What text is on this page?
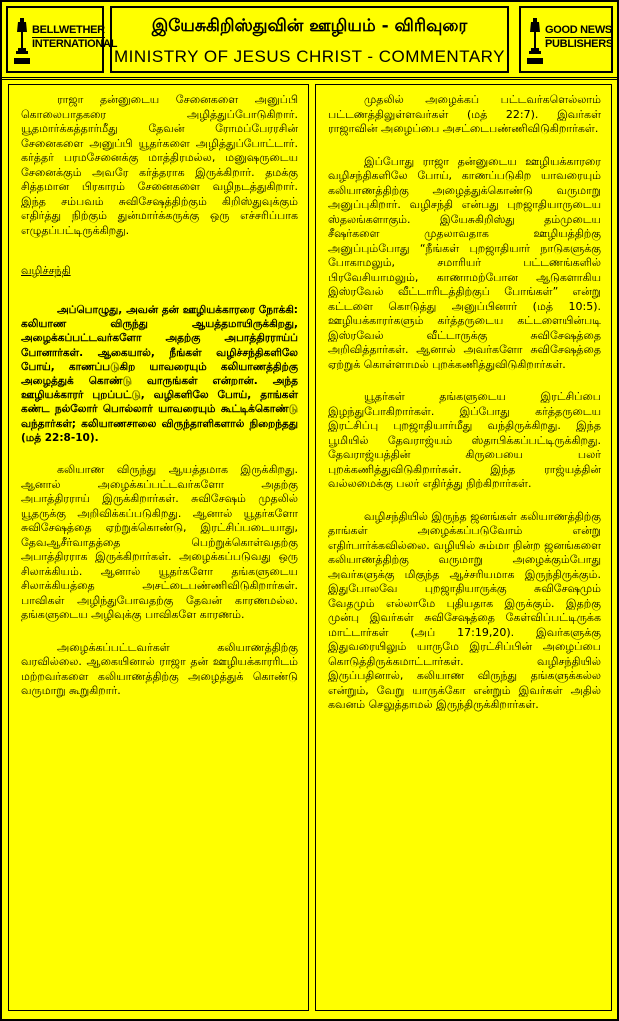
BELLWETHER
INTERNATIONAL
இயேசுகிறிஸ்துவின் ஊழியம் - விரிவுரை
MINISTRY OF JESUS CHRIST - COMMENTARY
GOOD NEWS
PUBLISHERS

ராஜா தன்னுடைய சேனைகளை அனுப்பி கொலைபாதகரை அழித்துப்போடுகிறார். யூதமார்க்கத்தார்மீது தேவன் ரோமப்பேரரசின் சேனைகளை அனுப்பி யூதர்களை அழித்துப்போட்டார். கர்த்தர் பரமசேனைக்கு மாத்திரமல்ல, மனுஷருடைய சேனைக்கும் அவரே கர்த்தராக இருக்கிறார். தமக்கு சித்தமான பிரகாரம் சேனைகளை வழிநடத்துகிறார். இந்த சம்பவம் சுவிசேஷத்திற்கும் கிறிஸ்துவுக்கும் எதிர்த்து நிற்கும் துன்மார்க்கருக்கு ஒரு எச்சரிப்பாக எழுதப்பட்டிருக்கிறது.

வழிச்சந்தி

அப்பொழுது, அவன் தன் ஊழியக்காரரை நோக்கி: கலியாண விருந்து ஆயத்தமாயிருக்கிறது, அழைக்கப்பட்டவர்களோ அதற்கு அபாத்திரராய்ப் போனார்கள். ஆகையால், நீங்கள் வழிச்சந்திகளிலே போய், காணப்படுகிற யாவரையும் கலியாணத்திற்கு அழைத்துக் கொண்டு வாருங்கள் என்றான். அந்த ஊழியக்காரர் புறப்பட்டு, வழிகளிலே போய், தாங்கள் கண்ட நல்லோர் பொல்லார் யாவரையும் கூட்டிக்கொண்டு வந்தார்கள்; கலியாணசாலை விருந்தாளிகளால் நிறைந்தது (மத் 22:8-10).

கலியாண விருந்து ஆயத்தமாக இருக்கிறது. ஆனால் அழைக்கப்பட்டவர்களோ அதற்கு அபாத்திரராய் இருக்கிறார்கள். சுவிசேஷம் முதலில் யூதருக்கு அறிவிக்கப்படுகிறது. ஆனால் யூதர்களோ சுவிசேஷத்தை ஏற்றுக்கொண்டு, இரட்சிப்படையாது, தேவஆசீர்வாதத்தை பெற்றுக்கொள்வதற்கு அபாத்திரராக இருக்கிறார்கள். அழைக்கப்படுவது ஒரு சிலாக்கியம். ஆனால் யூதர்களோ தங்களுடைய சிலாக்கியத்தை அசட்டைபண்ணிவிடுகிறார்கள். பாவிகள் அழிந்துபோவதற்கு தேவன் காரணமல்ல. தங்களுடைய அழிவுக்கு பாவிகளே காரணம்.

அழைக்கப்பட்டவர்கள் கலியாணத்திற்கு வரவில்லை. ஆகையினால் ராஜா தன் ஊழியக்காரரிடம் மற்றவர்களை கலியாணத்திற்கு அழைத்துக் கொண்டு வருமாறு கூறுகிறார்.

முதலில் அழைக்கப் பட்டவர்களெல்லாம் பட்டணத்திலுள்ளவர்கள் (மத் 22:7). இவர்கள் ராஜாவின் அழைப்பை அசட்டைபண்ணிவிடுகிறார்கள்.

இப்போது ராஜா தன்னுடைய ஊழியக்காரரை வழிசந்திகளிலே போய், காணப்படுகிற யாவரையும் கலியாணத்திற்கு அழைத்துக்கொண்டு வருமாறு அனுப்புகிறார். வழிசந்தி என்பது புறஜாதியாருடைய ஸ்தலங்களாகும். இயேசுகிறிஸ்து தம்முடைய சீஷர்களை முதலாவதாக ஊழியத்திற்கு அனுப்பும்போது “நீங்கள் புறஜாதியார் நாடுகளுக்கு போகாமலும், சமாரியர் பட்டணங்களில் பிரவேசியாமலும், காணாமற்போன ஆடுகளாகிய இஸ்ரவேல் வீட்டாரிடத்திற்குப் போங்கள்” என்று கட்டளை கொடுத்து அனுப்பினார் (மத் 10:5). ஊழியக்காரர்களும் கர்த்தருடைய கட்டளையின்படி இஸ்ரவேல் வீட்டாருக்கு சுவிசேஷத்தை அறிவித்தார்கள். ஆனால் அவர்களோ சுவிசேஷத்தை ஏற்றுக் கொள்ளாமல் புறக்கணித்துவிடுகிறார்கள்.

யூதர்கள் தங்களுடைய இரட்சிப்பை இழந்துபோகிறார்கள். இப்போது கர்த்தருடைய இரட்சிப்பு புறஜாதியார்மீது வந்திருக்கிறது. இந்த பூமியில் தேவராஜ்யம் ஸ்தாபிக்கப்பட்டிருக்கிறது. தேவராஜ்யத்தின் கிருபையை பலர் புறக்கணித்துவிடுகிறார்கள். இந்த ராஜ்யத்தின் வல்லமைக்கு பலர் எதிர்த்து நிற்கிறார்கள்.

வழிசந்தியில் இருந்த ஜனங்கள் கலியாணத்திற்கு தாங்கள் அழைக்கப்படுவோம் என்று எதிர்பார்க்கவில்லை. வழியில் சும்மா நின்ற ஜனங்களை கலியாணத்திற்கு வருமாறு அழைக்கும்போது அவர்களுக்கு மிகுந்த ஆச்சரியமாக இருந்திருக்கும். இதுபோலவே புறஜாதியாருக்கு சுவிசேஷமும் வேதமும் எல்லாமே புதியதாக இருக்கும். இதற்கு முன்பு இவர்கள் சுவிசேஷத்தை கேள்விப்பட்டிருக்க மாட்டார்கள் (அப் 17:19,20). இவர்களுக்கு இதுவரையிலும் யாருமே இரட்சிப்பின் அழைப்பை கொடுத்திருக்கமாட்டார்கள். வழிசந்தியில் இருப்பதினால், கலியாண விருந்து தங்களுக்கல்ல என்றும், வேறு யாருக்கோ என்றும் இவர்கள் அதில் கவனம் செலுத்தாமல் இருந்திருக்கிறார்கள்.
